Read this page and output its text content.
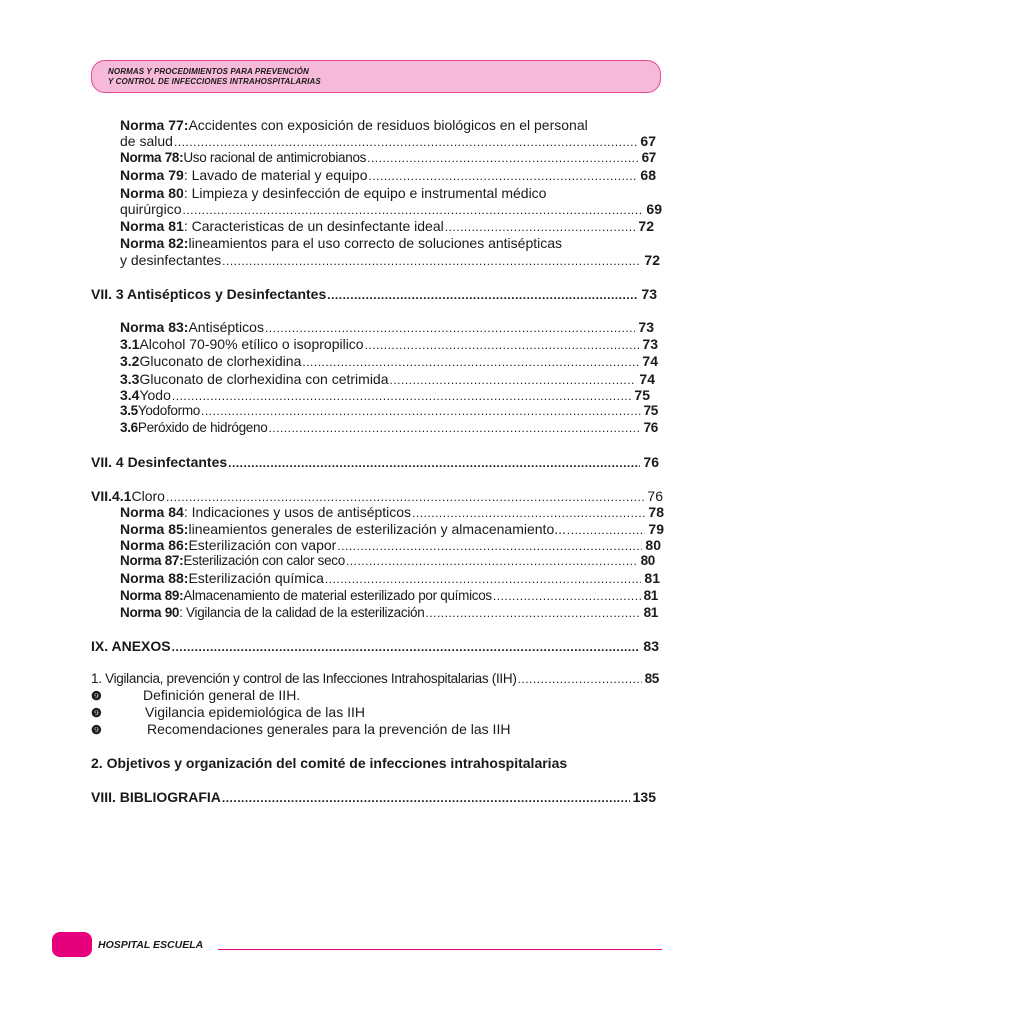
NORMAS Y PROCEDIMIENTOS PARA PREVENCIÓN
Y CONTROL DE INFECCIONES INTRAHOSPITALARIAS
Norma 77: Accidentes con exposición de residuos biológicos en el personal
de salud .....	67
Norma 78: Uso racional de antimicrobianos .....	67
Norma 79 : Lavado de material y equipo .....	68
Norma 80 : Limpieza y desinfección de equipo e instrumental médico
quirúrgico .....	69
Norma 81 : Caracteristicas de un desinfectante ideal .....	72
Norma 82: lineamientos para el uso correcto de soluciones antisépticas
y desinfectantes .....	72
VII. 3 Antisépticos y Desinfectantes .....	73
Norma 83: Antisépticos .....	73
3.1 Alcohol 70-90% etílico o isopropilico .....	73
3.2 Gluconato de clorhexidina .....	74
3.3 Gluconato de clorhexidina con cetrimida .....	74
3.4 Yodo .....	75
3.5 Yodoformo .....	75
3.6 Peróxido de hidrógeno .....	76
VII. 4 Desinfectantes .....	76
VII.4.1 Cloro .....	76
Norma 84 : Indicaciones y usos de antisépticos .....	78
Norma 85: lineamientos generales de esterilización y almacenamiento... .....	79
Norma 86: Esterilización con vapor .....	80
Norma 87: Esterilización con calor seco .....	80
Norma 88: Esterilización química .....	81
Norma 89: Almacenamiento de material esterilizado por químicos .....	81
Norma 90 : Vigilancia de la calidad de la esterilización .....	81
IX. ANEXOS .....	83
1. Vigilancia, prevención y control de las Infecciones Intrahospitalarias (IIH) .....	85
❾	Definición general de IIH.
❾	Vigilancia epidemiológica de las IIH
❾	Recomendaciones generales para la prevención de las IIH
2. Objetivos y organización del comité de infecciones intrahospitalarias
VIII. BIBLIOGRAFIA .....	135
HOSPITAL ESCUELA
